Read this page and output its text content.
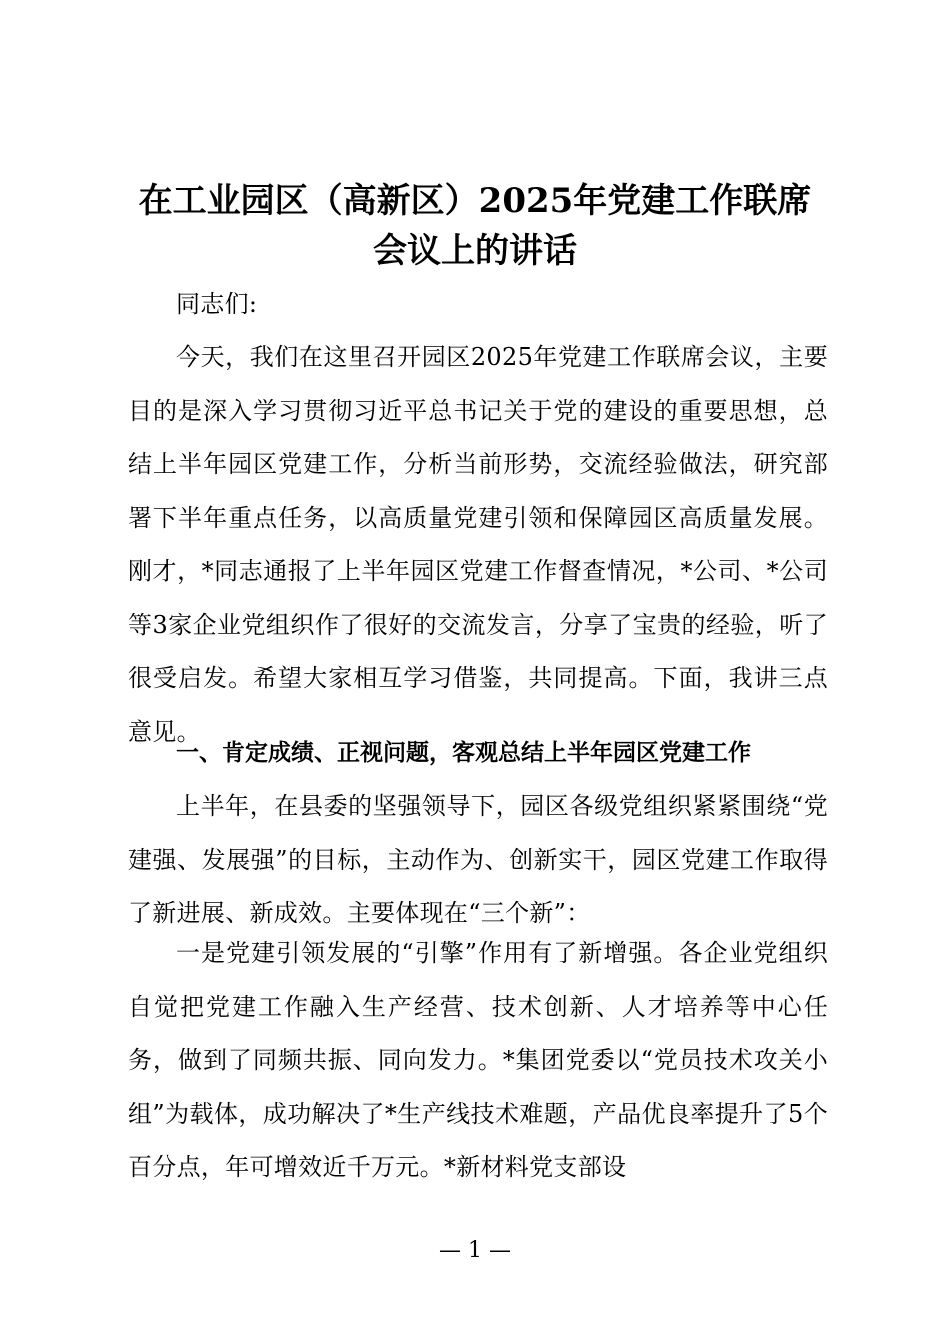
在工业园区（高新区）2025年党建工作联席
会议上的讲话

同志们:

今天，我们在这里召开园区2025年党建工作联席会议，主要目的是深入学习贯彻习近平总书记关于党的建设的重要思想，总结上半年园区党建工作，分析当前形势，交流经验做法，研究部署下半年重点任务，以高质量党建引领和保障园区高质量发展。刚才，*同志通报了上半年园区党建工作督查情况，*公司、*公司等3家企业党组织作了很好的交流发言，分享了宝贵的经验，听了很受启发。希望大家相互学习借鉴，共同提高。下面，我讲三点意见。

一、肯定成绩、正视问题，客观总结上半年园区党建工作

上半年，在县委的坚强领导下，园区各级党组织紧紧围绕“党建强、发展强”的目标，主动作为、创新实干，园区党建工作取得了新进展、新成效。主要体现在“三个新”：

一是党建引领发展的“引擎”作用有了新增强。各企业党组织自觉把党建工作融入生产经营、技术创新、人才培养等中心任务，做到了同频共振、同向发力。*集团党委以“党员技术攻关小组”为载体，成功解决了*生产线技术难题，产品优良率提升了5个百分点，年可增效近千万元。*新材料党支部设

— 1 —
